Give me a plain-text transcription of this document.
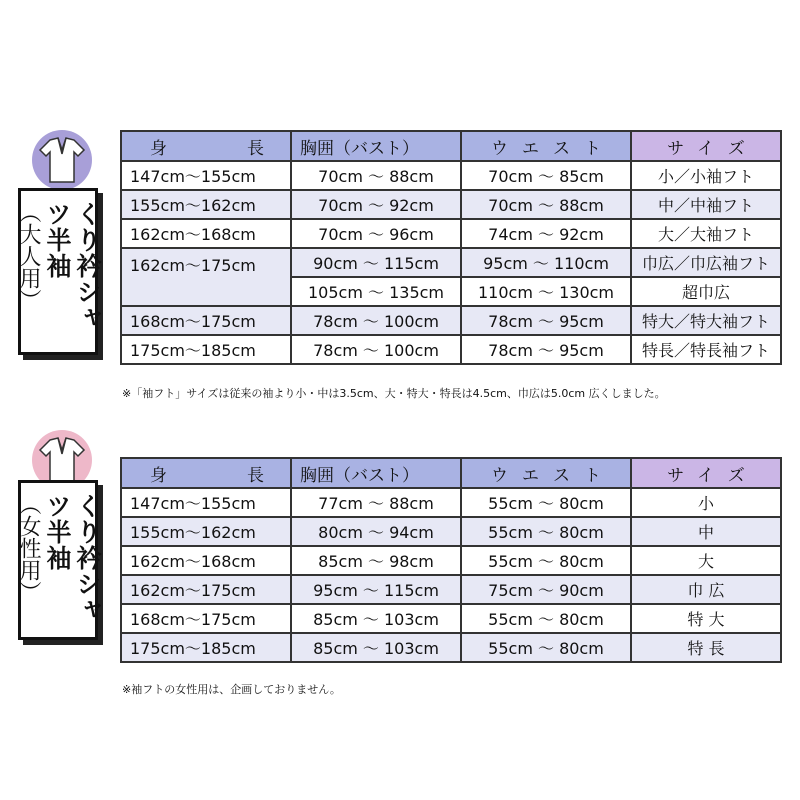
くり衿シャツ半袖
（大人用）
身 長	胸囲（バスト）	ウエスト	サイズ
147cm〜155cm	70cm 〜 88cm	70cm 〜 85cm	小／小袖フト
155cm〜162cm	70cm 〜 92cm	70cm 〜 88cm	中／中袖フト
162cm〜168cm	70cm 〜 96cm	74cm 〜 92cm	大／大袖フト
162cm〜175cm	90cm 〜 115cm	95cm 〜 110cm	巾広／巾広袖フト
	105cm 〜 135cm	110cm 〜 130cm	超巾広
168cm〜175cm	78cm 〜 100cm	78cm 〜 95cm	特大／特大袖フト
175cm〜185cm	78cm 〜 100cm	78cm 〜 95cm	特長／特長袖フト
※「袖フト」サイズは従来の袖より小・中は3.5cm、大・特大・特長は4.5cm、巾広は5.0cm 広くしました。
くり衿シャツ半袖
（女性用）
身 長	胸囲（バスト）	ウエスト	サイズ
147cm〜155cm	77cm 〜 88cm	55cm 〜 80cm	小
155cm〜162cm	80cm 〜 94cm	55cm 〜 80cm	中
162cm〜168cm	85cm 〜 98cm	55cm 〜 80cm	大
162cm〜175cm	95cm 〜 115cm	75cm 〜 90cm	巾 広
168cm〜175cm	85cm 〜 103cm	55cm 〜 80cm	特 大
175cm〜185cm	85cm 〜 103cm	55cm 〜 80cm	特 長
※袖フトの女性用は、企画しておりません。
